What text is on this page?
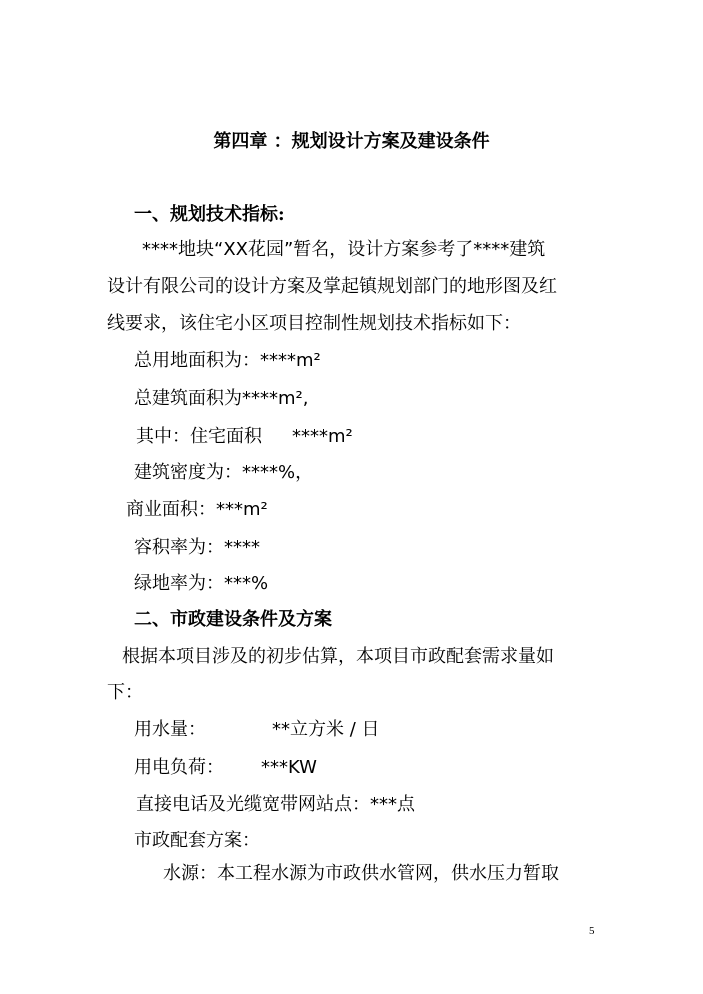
第四章 ：规划设计方案及建设条件
一、规划技术指标:
****地块“XX花园”暂名，设计方案参考了****建筑
设计有限公司的设计方案及掌起镇规划部门的地形图及红
线要求，该住宅小区项目控制性规划技术指标如下：
总用地面积为：****m²
总建筑面积为****m²,
其中：住宅面积 ****m²
建筑密度为：****%，
商业面积：***m²
容积率为：****
绿地率为：***%
二、市政建设条件及方案
根据本项目涉及的初步估算，本项目市政配套需求量如
下：
用水量：	**立方米 / 日
用电负荷： ***KW
直接电话及光缆宽带网站点：***点
市政配套方案：
水源：本工程水源为市政供水管网，供水压力暂取
5
